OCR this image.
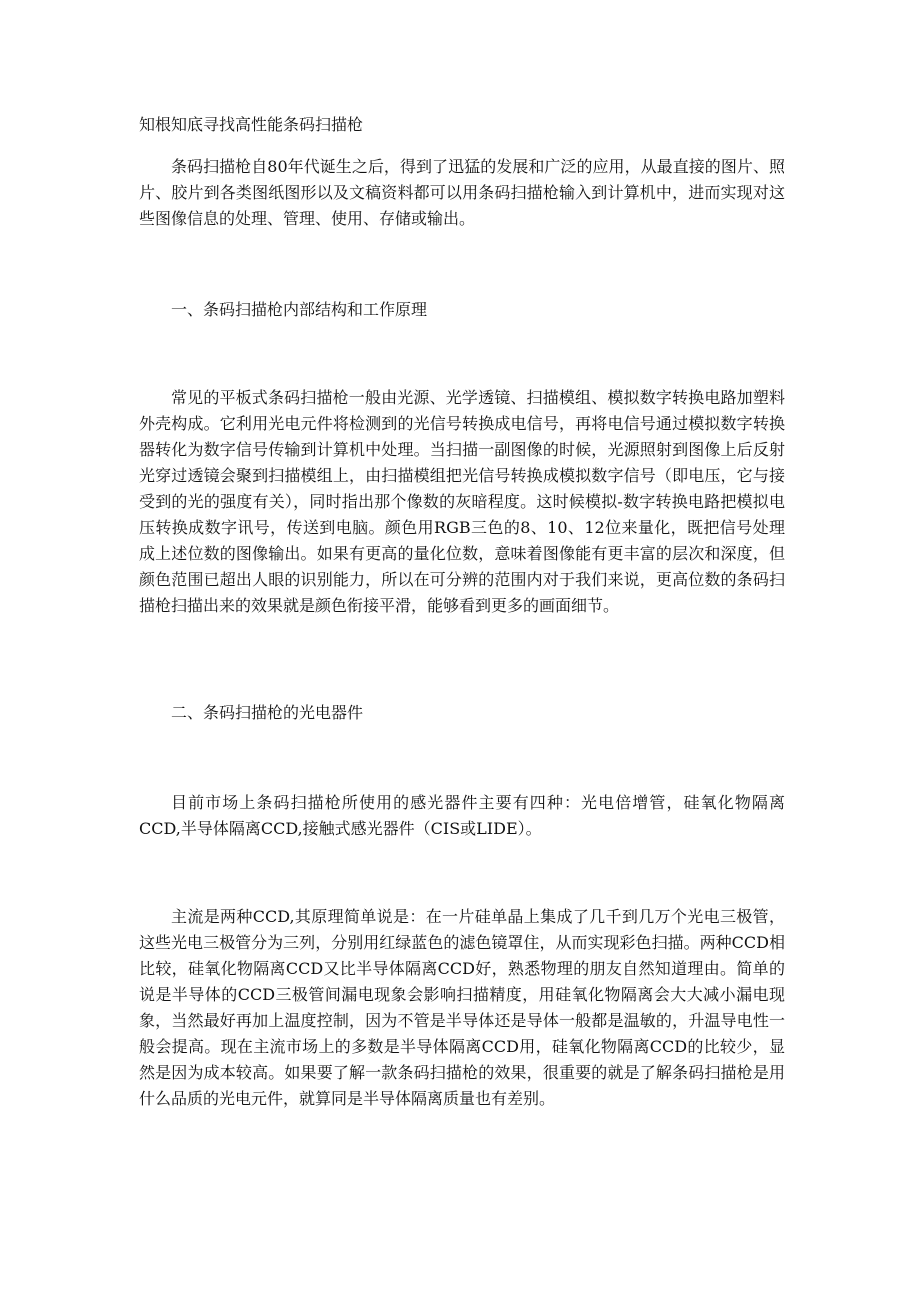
知根知底寻找高性能条码扫描枪

条码扫描枪自80年代诞生之后，得到了迅猛的发展和广泛的应用，从最直接的图片、照片、胶片到各类图纸图形以及文稿资料都可以用条码扫描枪输入到计算机中，进而实现对这些图像信息的处理、管理、使用、存储或输出。

一、条码扫描枪内部结构和工作原理

常见的平板式条码扫描枪一般由光源、光学透镜、扫描模组、模拟数字转换电路加塑料外壳构成。它利用光电元件将检测到的光信号转换成电信号，再将电信号通过模拟数字转换器转化为数字信号传输到计算机中处理。当扫描一副图像的时候，光源照射到图像上后反射光穿过透镜会聚到扫描模组上，由扫描模组把光信号转换成模拟数字信号（即电压，它与接受到的光的强度有关），同时指出那个像数的灰暗程度。这时候模拟-数字转换电路把模拟电压转换成数字讯号，传送到电脑。颜色用RGB三色的8、10、12位来量化，既把信号处理成上述位数的图像输出。如果有更高的量化位数，意味着图像能有更丰富的层次和深度，但颜色范围已超出人眼的识别能力，所以在可分辨的范围内对于我们来说，更高位数的条码扫描枪扫描出来的效果就是颜色衔接平滑，能够看到更多的画面细节。

二、条码扫描枪的光电器件

目前市场上条码扫描枪所使用的感光器件主要有四种：光电倍增管，硅氧化物隔离CCD,半导体隔离CCD,接触式感光器件（CIS或LIDE）。

主流是两种CCD,其原理简单说是：在一片硅单晶上集成了几千到几万个光电三极管，这些光电三极管分为三列，分别用红绿蓝色的滤色镜罩住，从而实现彩色扫描。两种CCD相比较，硅氧化物隔离CCD又比半导体隔离CCD好，熟悉物理的朋友自然知道理由。简单的说是半导体的CCD三极管间漏电现象会影响扫描精度，用硅氧化物隔离会大大减小漏电现象，当然最好再加上温度控制，因为不管是半导体还是导体一般都是温敏的，升温导电性一般会提高。现在主流市场上的多数是半导体隔离CCD用，硅氧化物隔离CCD的比较少，显然是因为成本较高。如果要了解一款条码扫描枪的效果，很重要的就是了解条码扫描枪是用什么品质的光电元件，就算同是半导体隔离质量也有差别。
